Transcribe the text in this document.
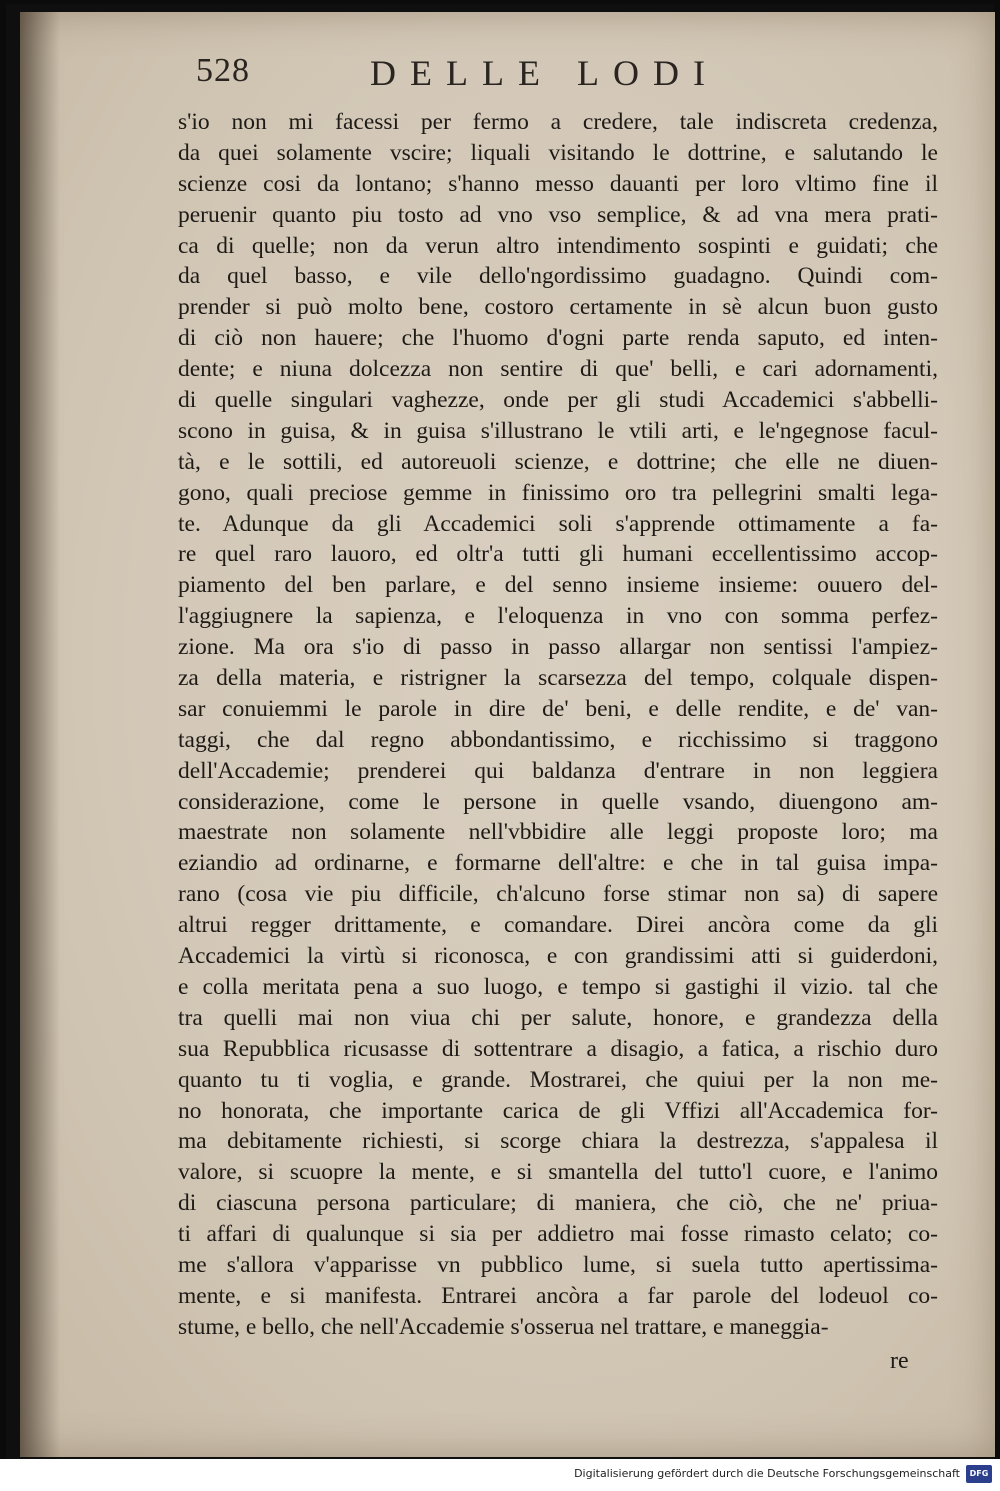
528	DELLE LODI
s'io non mi facessi per fermo a credere, tale indiscreta credenza,
da quei solamente vscire; liquali visitando le dottrine, e salutando le
scienze cosi da lontano; s'hanno messo dauanti per loro vltimo fine il
peruenir quanto piu tosto ad vno vso semplice, & ad vna mera prati-
ca di quelle; non da verun altro intendimento sospinti e guidati; che
da quel basso, e vile dello'ngordissimo guadagno. Quindi com-
prender si può molto bene, costoro certamente in sè alcun buon gusto
di ciò non hauere; che l'huomo d'ogni parte renda saputo, ed inten-
dente; e niuna dolcezza non sentire di que' belli, e cari adornamenti,
di quelle singulari vaghezze, onde per gli studi Accademici s'abbelli-
scono in guisa, & in guisa s'illustrano le vtili arti, e le'ngegnose facul-
tà, e le sottili, ed autoreuoli scienze, e dottrine; che elle ne diuen-
gono, quali preciose gemme in finissimo oro tra pellegrini smalti lega-
te. Adunque da gli Accademici soli s'apprende ottimamente a fa-
re quel raro lauoro, ed oltr'a tutti gli humani eccellentissimo accop-
piamento del ben parlare, e del senno insieme insieme: ouuero del-
l'aggiugnere la sapienza, e l'eloquenza in vno con somma perfez-
zione. Ma ora s'io di passo in passo allargar non sentissi l'ampiez-
za della materia, e ristrigner la scarsezza del tempo, colquale dispen-
sar conuiemmi le parole in dire de' beni, e delle rendite, e de' van-
taggi, che dal regno abbondantissimo, e ricchissimo si traggono
dell'Accademie; prenderei qui baldanza d'entrare in non leggiera
considerazione, come le persone in quelle vsando, diuengono am-
maestrate non solamente nell'vbbidire alle leggi proposte loro; ma
eziandio ad ordinarne, e formarne dell'altre: e che in tal guisa impa-
rano (cosa vie piu difficile, ch'alcuno forse stimar non sa) di sapere
altrui regger drittamente, e comandare. Direi ancòra come da gli
Accademici la virtù si riconosca, e con grandissimi atti si guiderdoni,
e colla meritata pena a suo luogo, e tempo si gastighi il vizio. tal che
tra quelli mai non viua chi per salute, honore, e grandezza della
sua Repubblica ricusasse di sottentrare a disagio, a fatica, a rischio duro
quanto tu ti voglia, e grande. Mostrarei, che quiui per la non me-
no honorata, che importante carica de gli Vffizi all'Accademica for-
ma debitamente richiesti, si scorge chiara la destrezza, s'appalesa il
valore, si scuopre la mente, e si smantella del tutto'l cuore, e l'animo
di ciascuna persona particulare; di maniera, che ciò, che ne' priua-
ti affari di qualunque si sia per addietro mai fosse rimasto celato; co-
me s'allora v'apparisse vn pubblico lume, si suela tutto apertissima-
mente, e si manifesta. Entrarei ancòra a far parole del lodeuol co-
stume, e bello, che nell'Accademie s'osserua nel trattare, e maneggia-
re
Digitalisierung gefördert durch die Deutsche Forschungsgemeinschaft	DFG
